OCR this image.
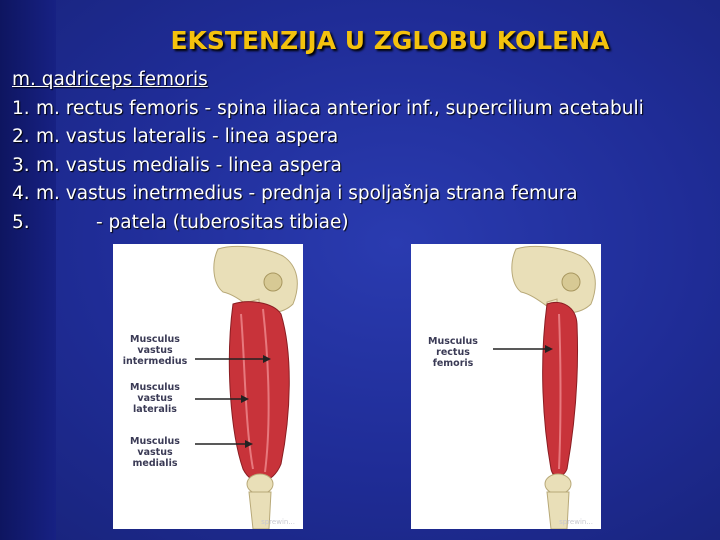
EKSTENZIJA U ZGLOBU KOLENA
m. qadriceps femoris
1. m. rectus femoris - spina iliaca anterior inf., supercilium acetabuli
2. m. vastus lateralis - linea aspera
3. m. vastus medialis - linea aspera
4. m. vastus inetrmedius - prednja i spoljašnja strana femura
5.	- patela (tuberositas tibiae)
Musculus
vastus
intermedius
Musculus
vastus
lateralis
Musculus
vastus
medialis
sprewin...
Musculus
rectus
femoris
sprewin...
